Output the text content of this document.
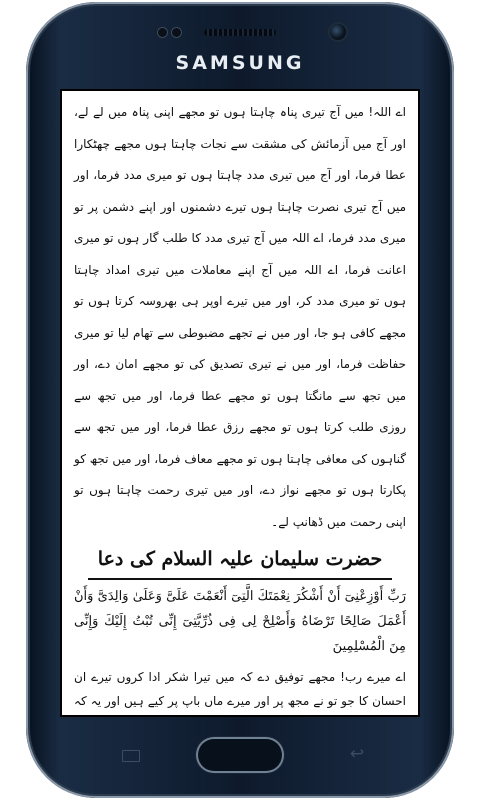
SAMSUNG

اے اللہ! میں آج تیری پناہ چاہتا ہوں تو مجھے اپنی پناہ میں لے لے، اور آج میں آزمائش کی مشقت سے نجات چاہتا ہوں مجھے چھٹکارا عطا فرما، اور آج میں تیری مدد چاہتا ہوں تو میری مدد فرما، اور میں آج تیری نصرت چاہتا ہوں تیرے دشمنوں اور اپنے دشمن پر تو میری مدد فرما، اے اللہ میں آج تیری مدد کا طلب گار ہوں تو میری اعانت فرما، اے اللہ میں آج اپنے معاملات میں تیری امداد چاہتا ہوں تو میری مدد کر، اور میں تیرے اوپر ہی بھروسہ کرتا ہوں تو مجھے کافی ہو جا، اور میں نے تجھے مضبوطی سے تھام لیا تو میری حفاظت فرما، اور میں نے تیری تصدیق کی تو مجھے امان دے، اور میں تجھ سے مانگتا ہوں تو مجھے عطا فرما، اور میں تجھ سے روزی طلب کرتا ہوں تو مجھے رزق عطا فرما، اور میں تجھ سے گناہوں کی معافی چاہتا ہوں تو مجھے معاف فرما، اور میں تجھ کو پکارتا ہوں تو مجھے نواز دے، اور میں تیری رحمت چاہتا ہوں تو اپنی رحمت میں ڈھانپ لے۔

حضرت سلیمان علیہ السلام کی دعا

رَبِّ أَوْزِعْنِىٓ أَنْ أَشْكُرَ نِعْمَتَكَ الَّتِىٓ أَنْعَمْتَ عَلَىَّ وَعَلَىٰ وَالِدَىَّ وَأَنْ أَعْمَلَ صَالِحًا تَرْضَاهُ وَأَصْلِحْ لِى فِى ذُرِّيَّتِىٓ إِنِّى تُبْتُ إِلَيْكَ وَإِنِّى مِنَ الْمُسْلِمِينَ

اے میرے رب! مجھے توفیق دے کہ میں تیرا شکر ادا کروں تیرے ان احسان کا جو تو نے مجھ پر اور میرے ماں باپ پر کیے ہیں اور یہ کہ

↩
